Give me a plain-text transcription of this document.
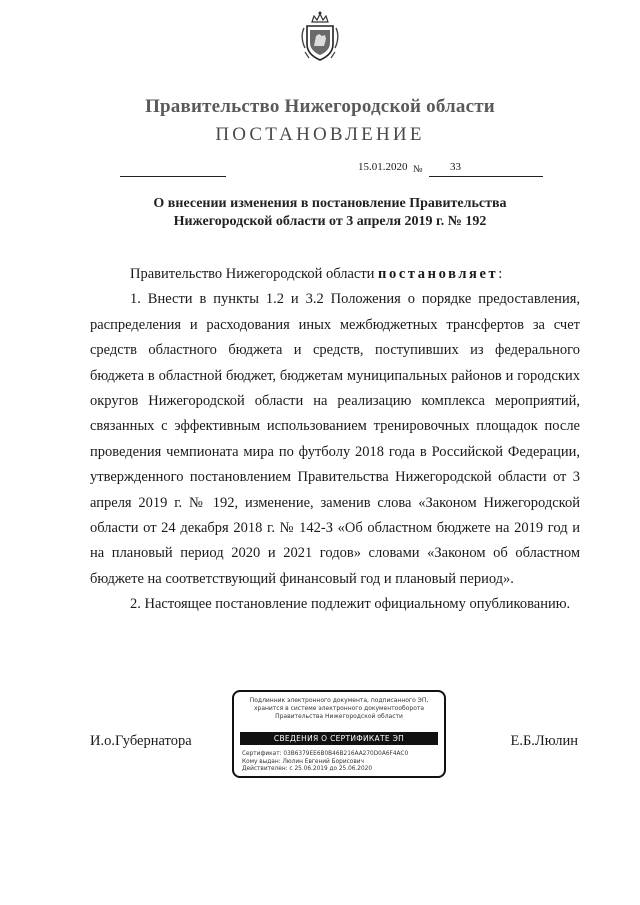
Правительство Нижегородской области
ПОСТАНОВЛЕНИЕ
15.01.2020 № 33
О внесении изменения в постановление Правительства
Нижегородской области от 3 апреля 2019 г. № 192

Правительство Нижегородской области постановляет:

1. Внести в пункты 1.2 и 3.2 Положения о порядке предоставления, распределения и расходования иных межбюджетных трансфертов за счет средств областного бюджета и средств, поступивших из федерального бюджета в областной бюджет, бюджетам муниципальных районов и городских округов Нижегородской области на реализацию комплекса мероприятий, связанных с эффективным использованием тренировочных площадок после проведения чемпионата мира по футболу 2018 года в Российской Федерации, утвержденного постановлением Правительства Нижегородской области от 3 апреля 2019 г. № 192, изменение, заменив слова «Законом Нижегородской области от 24 декабря 2018 г. № 142-З «Об областном бюджете на 2019 год и на плановый период 2020 и 2021 годов» словами «Законом об областном бюджете на соответствующий финансовый год и плановый период».

2. Настоящее постановление подлежит официальному опубликованию.

И.о.Губернатора
Подлинник электронного документа, подписанного ЭП,
хранится в системе электронного документооборота
Правительства Нижегородской области
СВЕДЕНИЯ О СЕРТИФИКАТЕ ЭП
Сертификат: 03B6379EE6B0B46B216AA270D0A6F4AC0
Кому выдан: Люлин Евгений Борисович
Действителен: с 25.06.2019 до 25.06.2020
Е.Б.Люлин
